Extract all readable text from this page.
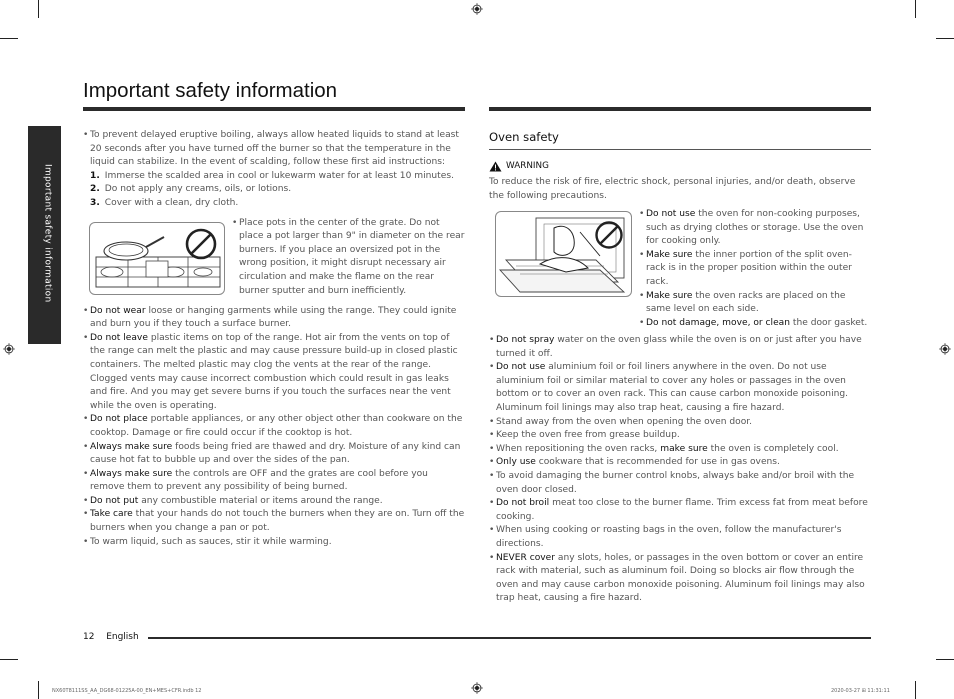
Important safety information
Important safety information
• To prevent delayed eruptive boiling, always allow heated liquids to stand at least 20 seconds after you have turned off the burner so that the temperature in the liquid can stabilize. In the event of scalding, follow these first aid instructions:
1. Immerse the scalded area in cool or lukewarm water for at least 10 minutes.
2. Do not apply any creams, oils, or lotions.
3. Cover with a clean, dry cloth.
• Place pots in the center of the grate. Do not place a pot larger than 9" in diameter on the rear burners. If you place an oversized pot in the wrong position, it might disrupt necessary air circulation and make the flame on the rear burner sputter and burn inefficiently.
• Do not wear loose or hanging garments while using the range. They could ignite and burn you if they touch a surface burner.
• Do not leave plastic items on top of the range. Hot air from the vents on top of the range can melt the plastic and may cause pressure build-up in closed plastic containers. The melted plastic may clog the vents at the rear of the range. Clogged vents may cause incorrect combustion which could result in gas leaks and fire. And you may get severe burns if you touch the surfaces near the vent while the oven is operating.
• Do not place portable appliances, or any other object other than cookware on the cooktop. Damage or fire could occur if the cooktop is hot.
• Always make sure foods being fried are thawed and dry. Moisture of any kind can cause hot fat to bubble up and over the sides of the pan.
• Always make sure the controls are OFF and the grates are cool before you remove them to prevent any possibility of being burned.
• Do not put any combustible material or items around the range.
• Take care that your hands do not touch the burners when they are on. Turn off the burners when you change a pan or pot.
• To warm liquid, such as sauces, stir it while warming.
Oven safety
WARNING
To reduce the risk of fire, electric shock, personal injuries, and/or death, observe the following precautions.
• Do not use the oven for non-cooking purposes, such as drying clothes or storage. Use the oven for cooking only.
• Make sure the inner portion of the split oven-rack is in the proper position within the outer rack.
• Make sure the oven racks are placed on the same level on each side.
• Do not damage, move, or clean the door gasket.
• Do not spray water on the oven glass while the oven is on or just after you have turned it off.
• Do not use aluminium foil or foil liners anywhere in the oven. Do not use aluminium foil or similar material to cover any holes or passages in the oven bottom or to cover an oven rack. This can cause carbon monoxide poisoning. Aluminum foil linings may also trap heat, causing a fire hazard.
• Stand away from the oven when opening the oven door.
• Keep the oven free from grease buildup.
• When repositioning the oven racks, make sure the oven is completely cool.
• Only use cookware that is recommended for use in gas ovens.
• To avoid damaging the burner control knobs, always bake and/or broil with the oven door closed.
• Do not broil meat too close to the burner flame. Trim excess fat from meat before cooking.
• When using cooking or roasting bags in the oven, follow the manufacturer's directions.
• NEVER cover any slots, holes, or passages in the oven bottom or cover an entire rack with material, such as aluminum foil. Doing so blocks air flow through the oven and may cause carbon monoxide poisoning. Aluminum foil linings may also trap heat, causing a fire hazard.
12 English
NX60T8111SS_AA_DG68-01225A-00_EN+MES+CFR.indb 12	2020-03-27 ⊞ 11:31:11
